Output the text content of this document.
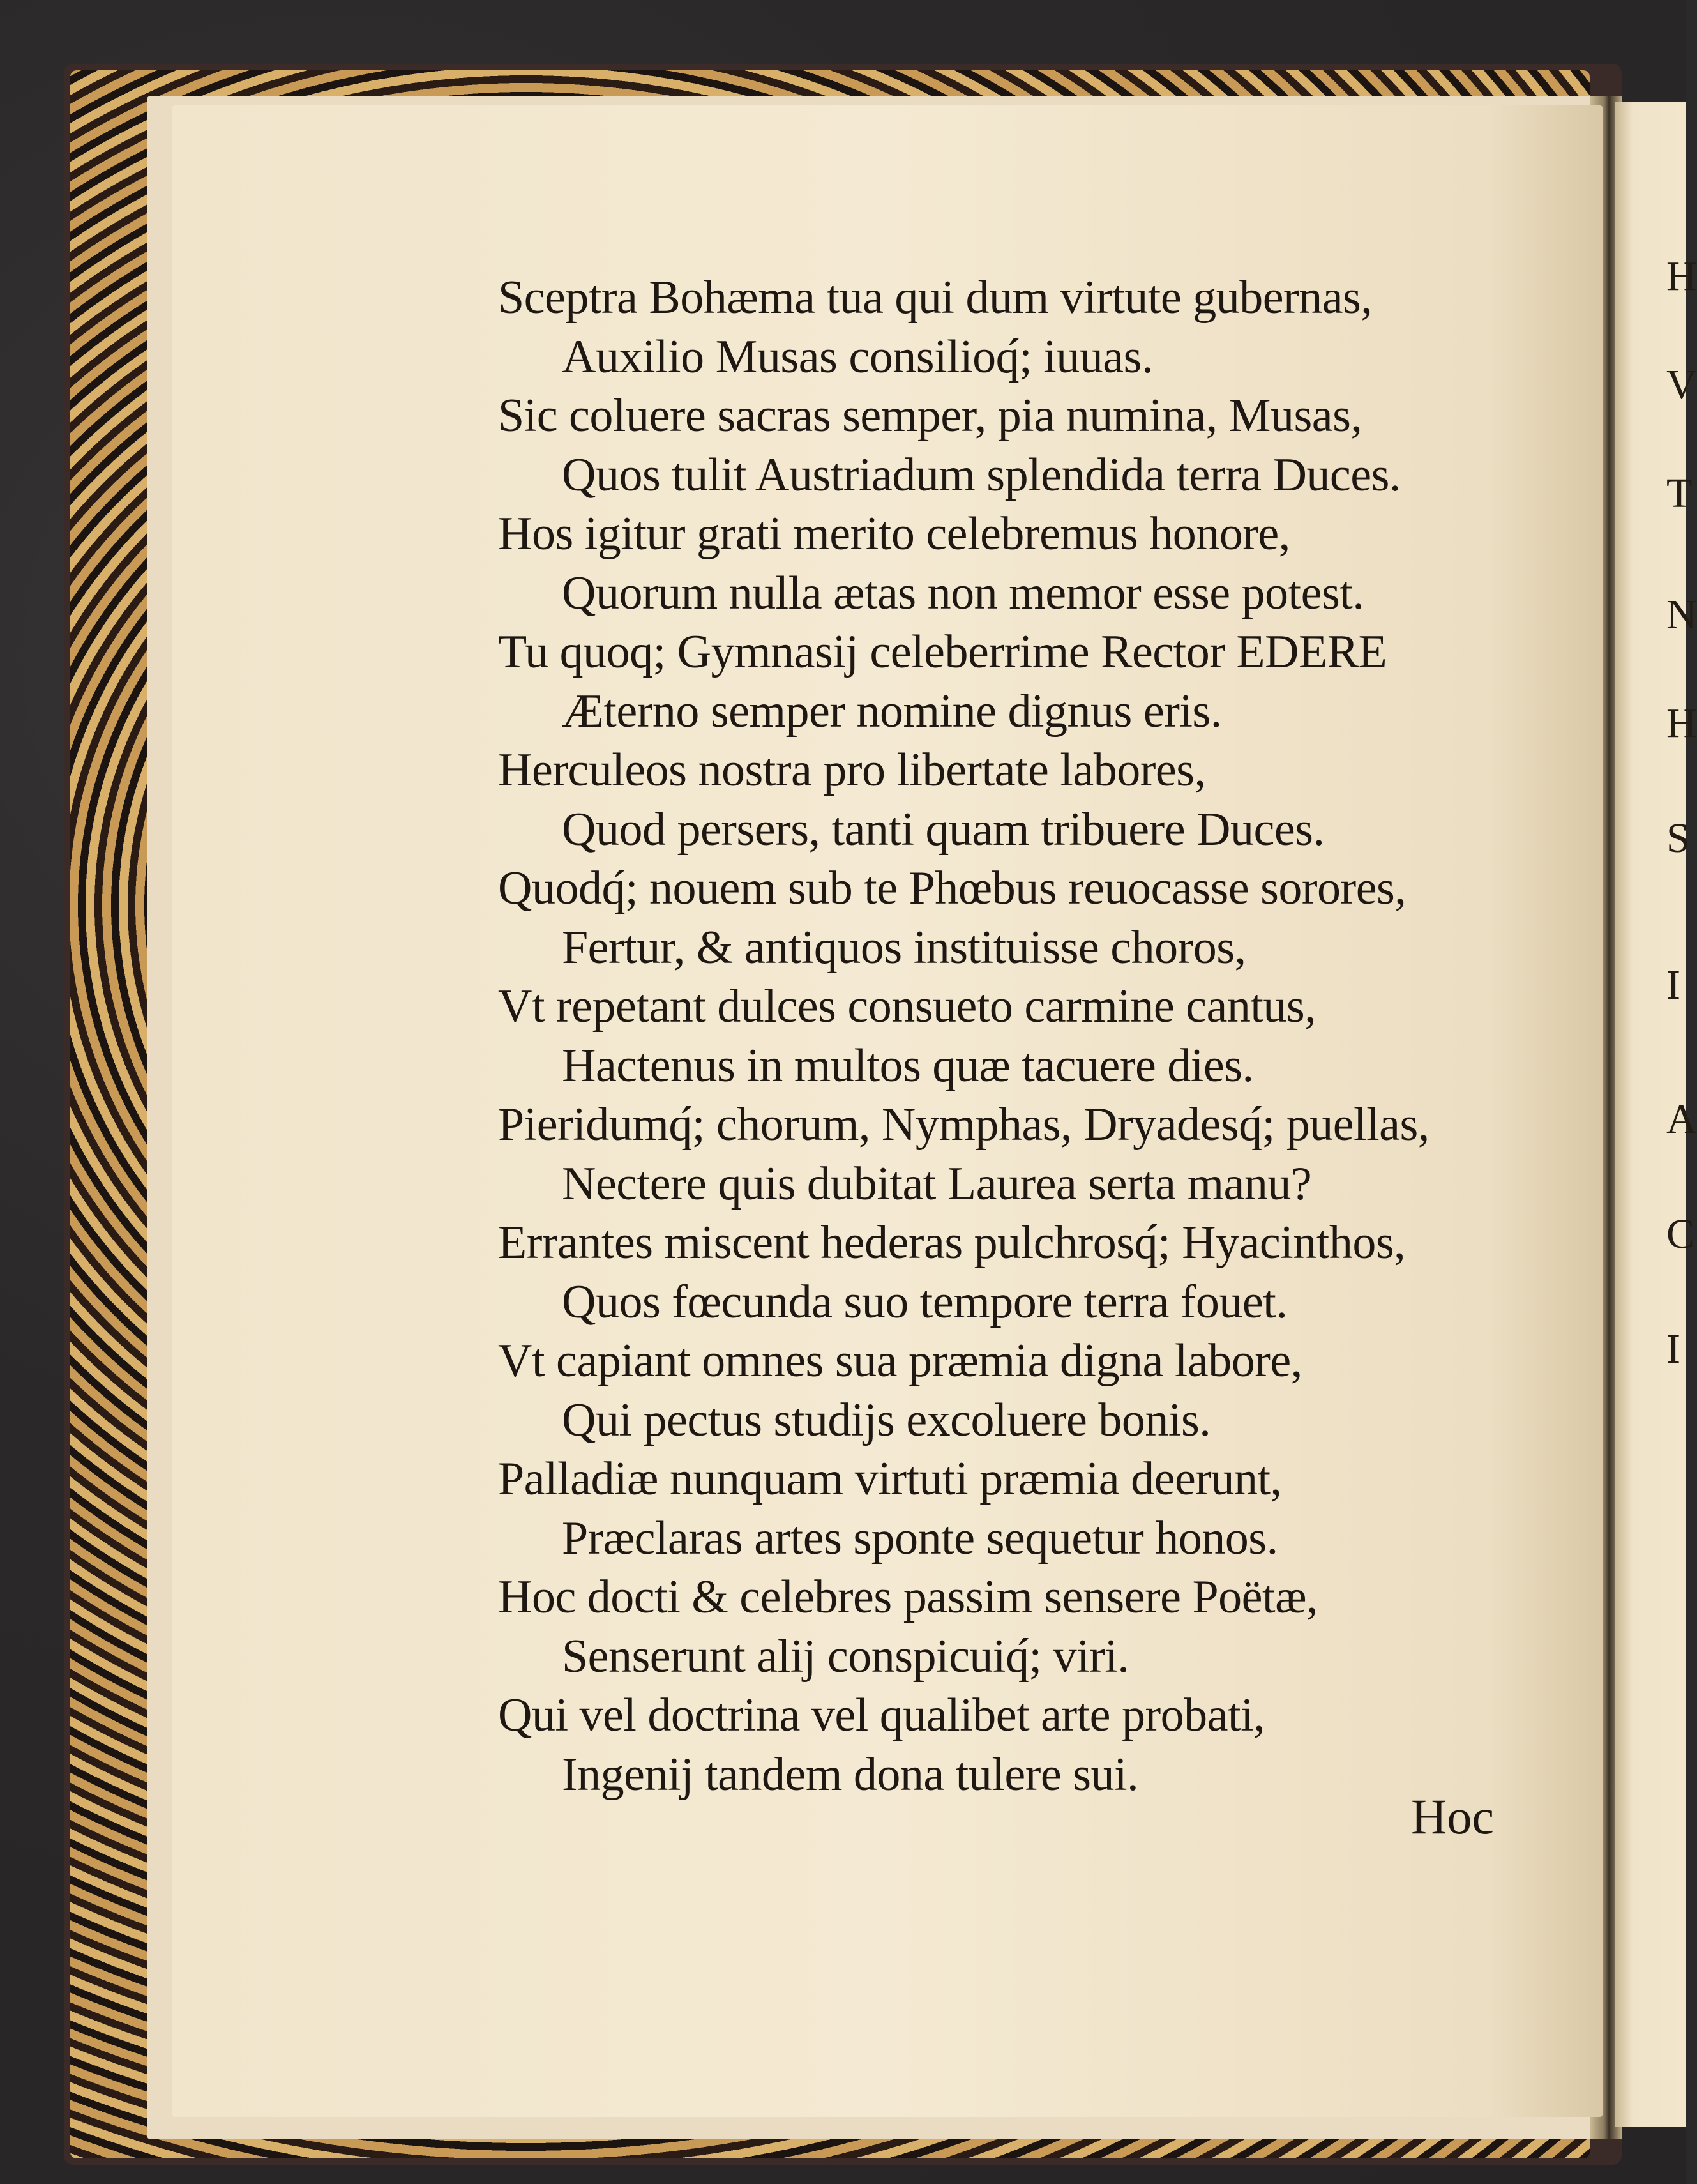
H
V
T
N
H
S
I
A
C
I
Sceptra Bohæma tua qui dum virtute gubernas,
Auxilio Musas consilioq́; iuuas.
Sic coluere sacras semper, pia numina, Musas,
Quos tulit Austriadum splendida terra Duces.
Hos igitur grati merito celebremus honore,
Quorum nulla ætas non memor esse potest.
Tu quoq; Gymnasij celeberrime Rector EDERE
Æterno semper nomine dignus eris.
Herculeos nostra pro libertate labores,
Quod persers, tanti quam tribuere Duces.
Quodq́; nouem sub te Phœbus reuocasse sorores,
Fertur, & antiquos instituisse choros,
Vt repetant dulces consueto carmine cantus,
Hactenus in multos quæ tacuere dies.
Pieridumq́; chorum, Nymphas, Dryadesq́; puellas,
Nectere quis dubitat Laurea serta manu?
Errantes miscent hederas pulchrosq́; Hyacinthos,
Quos fœcunda suo tempore terra fouet.
Vt capiant omnes sua præmia digna labore,
Qui pectus studijs excoluere bonis.
Palladiæ nunquam virtuti præmia deerunt,
Præclaras artes sponte sequetur honos.
Hoc docti & celebres passim sensere Poëtæ,
Senserunt alij conspicuiq́; viri.
Qui vel doctrina vel qualibet arte probati,
Ingenij tandem dona tulere sui.
Hoc
